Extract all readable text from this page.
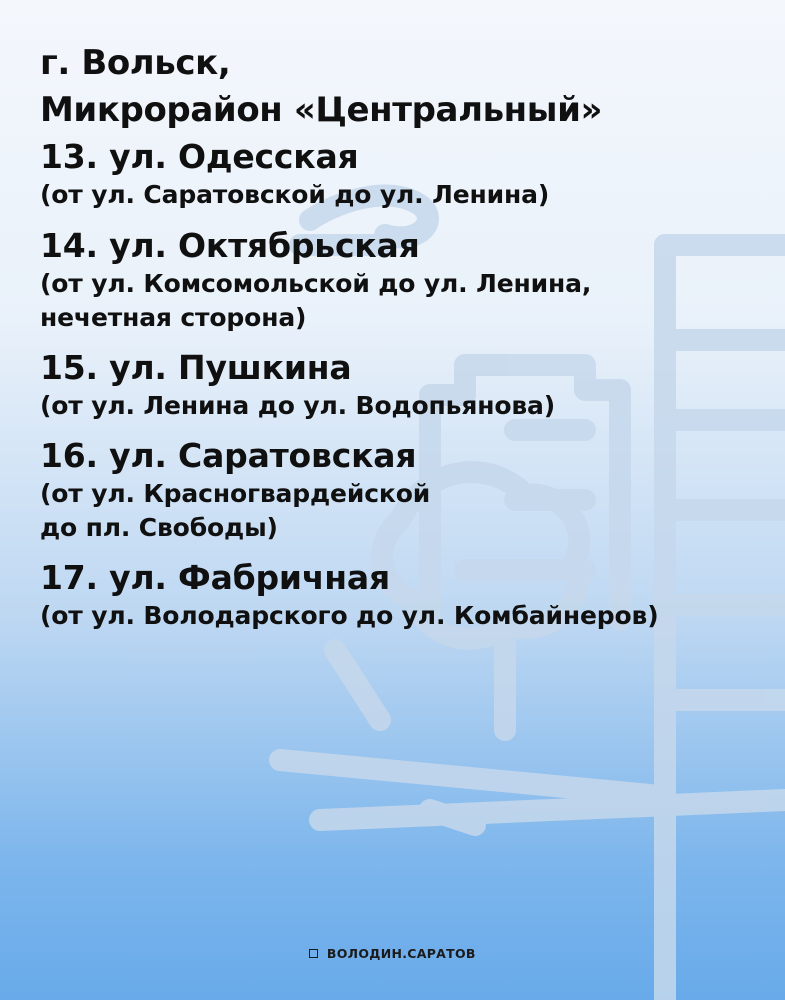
г. Вольск,
Микрорайон «Центральный»
13. ул. Одесская
(от ул. Саратовской до ул. Ленина)
14. ул. Октябрьская
(от ул. Комсомольской до ул. Ленина,
нечетная сторона)
15. ул. Пушкина
(от ул. Ленина до ул. Водопьянова)
16. ул. Саратовская
(от ул. Красногвардейской
до пл. Свободы)
17. ул. Фабричная
(от ул. Володарского до ул. Комбайнеров)
ВОЛОДИН.САРАТОВ
